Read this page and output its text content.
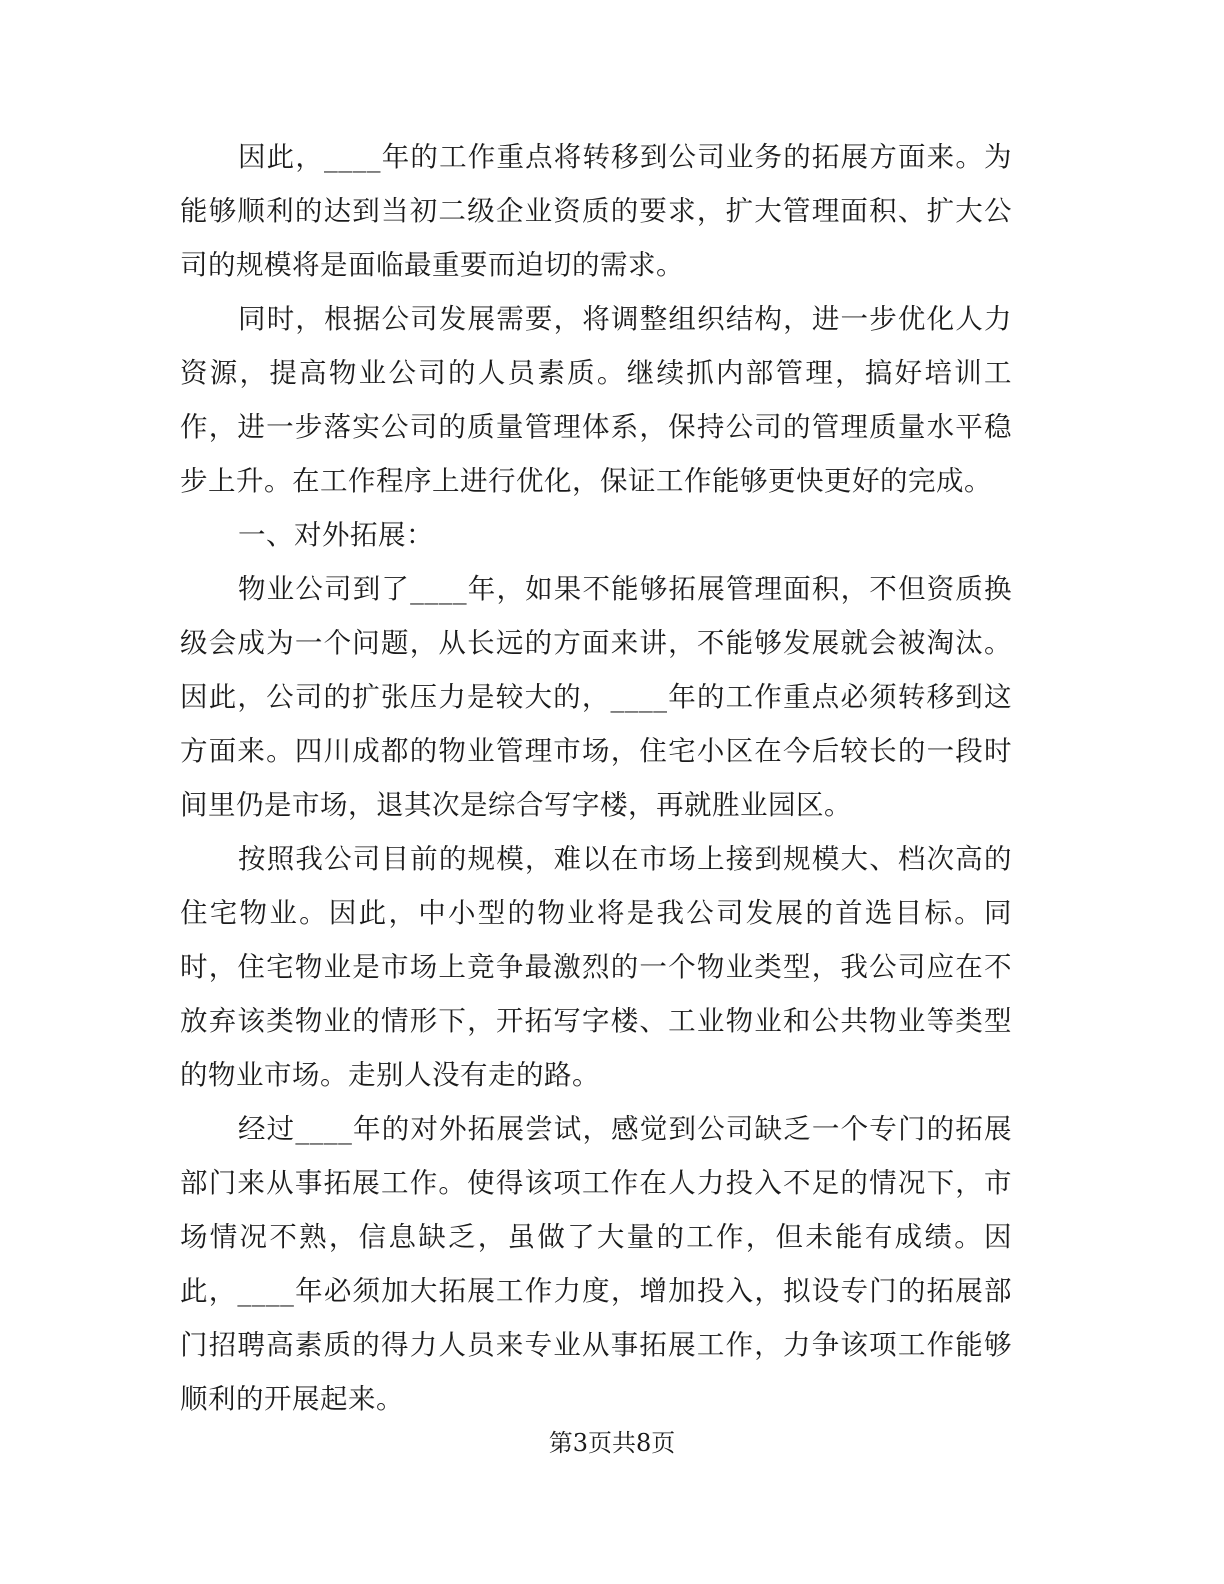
因此，____年的工作重点将转移到公司业务的拓展方面来。为能够顺利的达到当初二级企业资质的要求，扩大管理面积、扩大公司的规模将是面临最重要而迫切的需求。

同时，根据公司发展需要，将调整组织结构，进一步优化人力资源，提高物业公司的人员素质。继续抓内部管理，搞好培训工作，进一步落实公司的质量管理体系，保持公司的管理质量水平稳步上升。在工作程序上进行优化，保证工作能够更快更好的完成。

一、对外拓展：

物业公司到了____年，如果不能够拓展管理面积，不但资质换级会成为一个问题，从长远的方面来讲，不能够发展就会被淘汰。因此，公司的扩张压力是较大的，____年的工作重点必须转移到这方面来。四川成都的物业管理市场，住宅小区在今后较长的一段时间里仍是市场，退其次是综合写字楼，再就胜业园区。

按照我公司目前的规模，难以在市场上接到规模大、档次高的住宅物业。因此，中小型的物业将是我公司发展的首选目标。同时，住宅物业是市场上竞争最激烈的一个物业类型，我公司应在不放弃该类物业的情形下，开拓写字楼、工业物业和公共物业等类型的物业市场。走别人没有走的路。

经过____年的对外拓展尝试，感觉到公司缺乏一个专门的拓展部门来从事拓展工作。使得该项工作在人力投入不足的情况下，市场情况不熟，信息缺乏，虽做了大量的工作，但未能有成绩。因此，____年必须加大拓展工作力度，增加投入，拟设专门的拓展部门招聘高素质的得力人员来专业从事拓展工作，力争该项工作能够顺利的开展起来。

第3页共8页
